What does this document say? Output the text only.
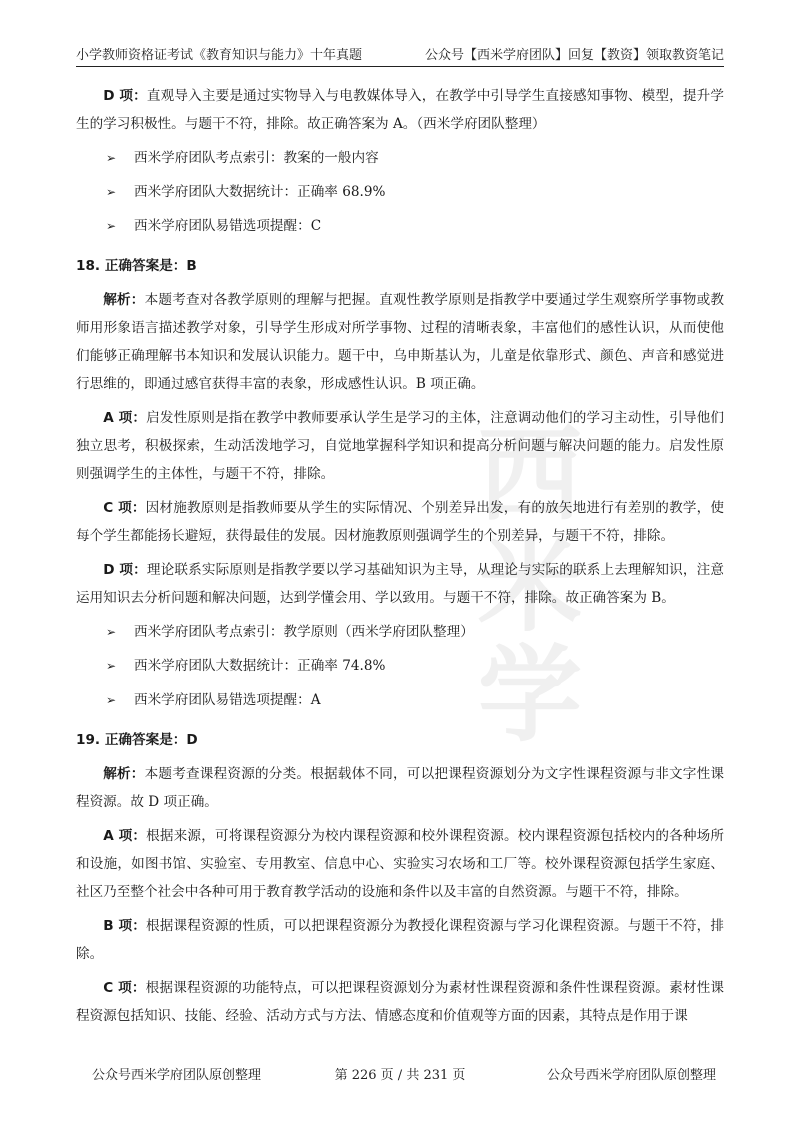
小学教师资格证考试《教育知识与能力》十年真题	公众号【西米学府团队】回复【教资】领取教资笔记
西
米
学

D 项：直观导入主要是通过实物导入与电教媒体导入，在教学中引导学生直接感知事物、模型，提升学生的学习积极性。与题干不符，排除。故正确答案为 A。（西米学府团队整理）

➢ 西米学府团队考点索引：教案的一般内容
➢ 西米学府团队大数据统计：正确率 68.9%
➢ 西米学府团队易错选项提醒：C
18. 正确答案是：B

解析：本题考查对各教学原则的理解与把握。直观性教学原则是指教学中要通过学生观察所学事物或教师用形象语言描述教学对象，引导学生形成对所学事物、过程的清晰表象，丰富他们的感性认识，从而使他们能够正确理解书本知识和发展认识能力。题干中，乌申斯基认为，儿童是依靠形式、颜色、声音和感觉进行思维的，即通过感官获得丰富的表象，形成感性认识。B 项正确。

A 项：启发性原则是指在教学中教师要承认学生是学习的主体，注意调动他们的学习主动性，引导他们独立思考，积极探索，生动活泼地学习，自觉地掌握科学知识和提高分析问题与解决问题的能力。启发性原则强调学生的主体性，与题干不符，排除。

C 项：因材施教原则是指教师要从学生的实际情况、个别差异出发，有的放矢地进行有差别的教学，使每个学生都能扬长避短，获得最佳的发展。因材施教原则强调学生的个别差异，与题干不符，排除。

D 项：理论联系实际原则是指教学要以学习基础知识为主导，从理论与实际的联系上去理解知识，注意运用知识去分析问题和解决问题，达到学懂会用、学以致用。与题干不符，排除。故正确答案为 B。

➢ 西米学府团队考点索引：教学原则（西米学府团队整理）
➢ 西米学府团队大数据统计：正确率 74.8%
➢ 西米学府团队易错选项提醒：A
19. 正确答案是：D

解析：本题考查课程资源的分类。根据载体不同，可以把课程资源划分为文字性课程资源与非文字性课程资源。故 D 项正确。

A 项：根据来源，可将课程资源分为校内课程资源和校外课程资源。校内课程资源包括校内的各种场所和设施，如图书馆、实验室、专用教室、信息中心、实验实习农场和工厂等。校外课程资源包括学生家庭、社区乃至整个社会中各种可用于教育教学活动的设施和条件以及丰富的自然资源。与题干不符，排除。

B 项：根据课程资源的性质，可以把课程资源分为教授化课程资源与学习化课程资源。与题干不符，排除。

C 项：根据课程资源的功能特点，可以把课程资源划分为素材性课程资源和条件性课程资源。素材性课程资源包括知识、技能、经验、活动方式与方法、情感态度和价值观等方面的因素，其特点是作用于课

公众号西米学府团队原创整理	第 226 页 / 共 231 页	公众号西米学府团队原创整理
